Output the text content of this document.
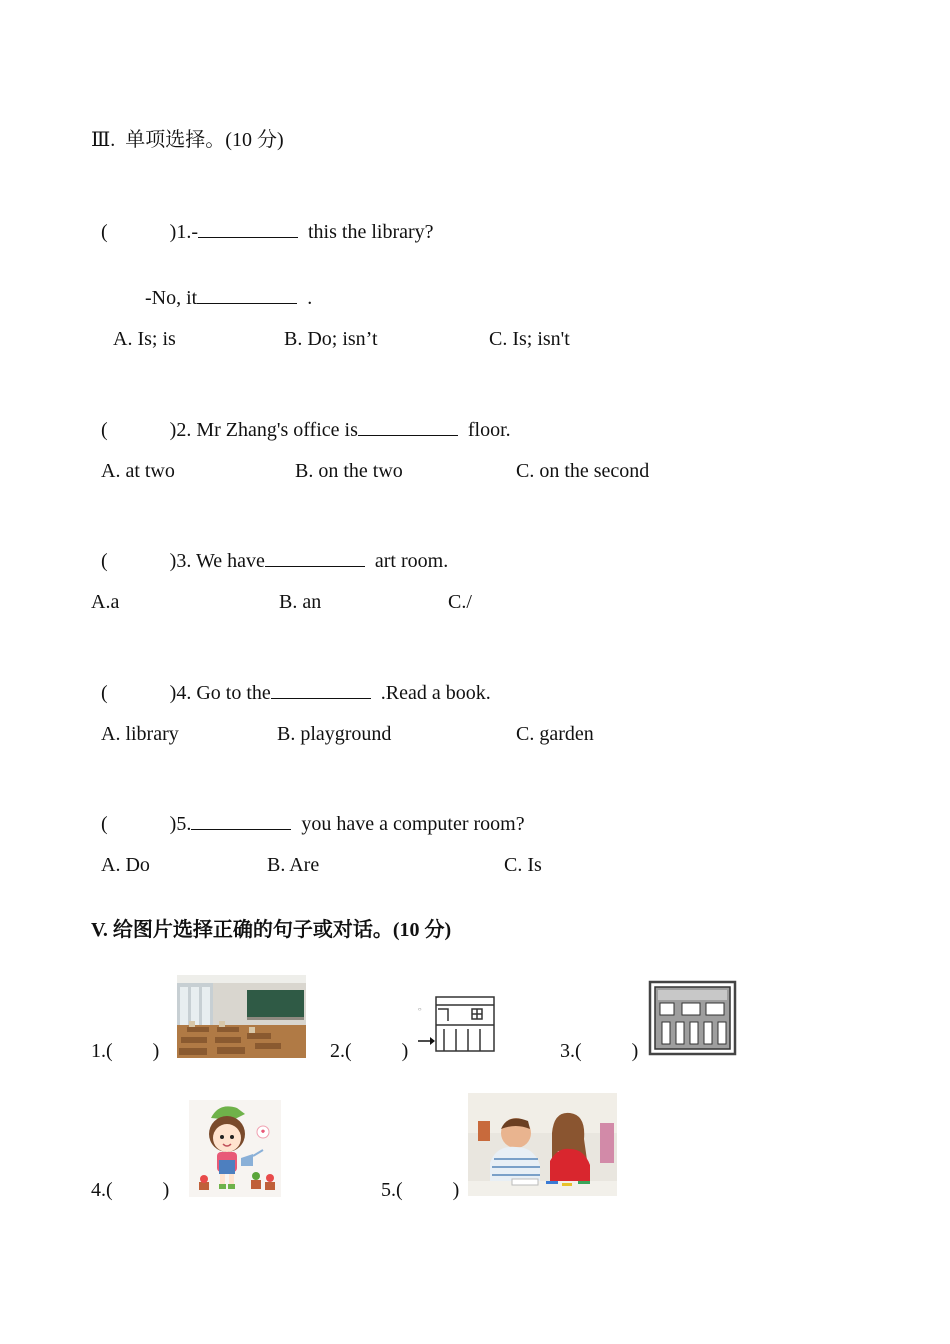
Ⅲ.  单项选择。(10 分)

(	)1.-	this the library?

-No, it	.

A. Is; is	B. Do; isn’t	C. Is; isn't

(	)2. Mr Zhang's office is	floor.

A. at two	B. on the two	C. on the second

(	)3. We have	art room.

A.a	B. an	C./

(	)4. Go to the	.Read a book.

A. library	B. playground	C. garden

(	)5.	you have a computer room?

A. Do	B. Are	C. Is
V. 给图片选择正确的句子或对话。(10 分)
1.(        )	2.(          )	3.(          )
4.(          )	5.(          )
ᴼ
